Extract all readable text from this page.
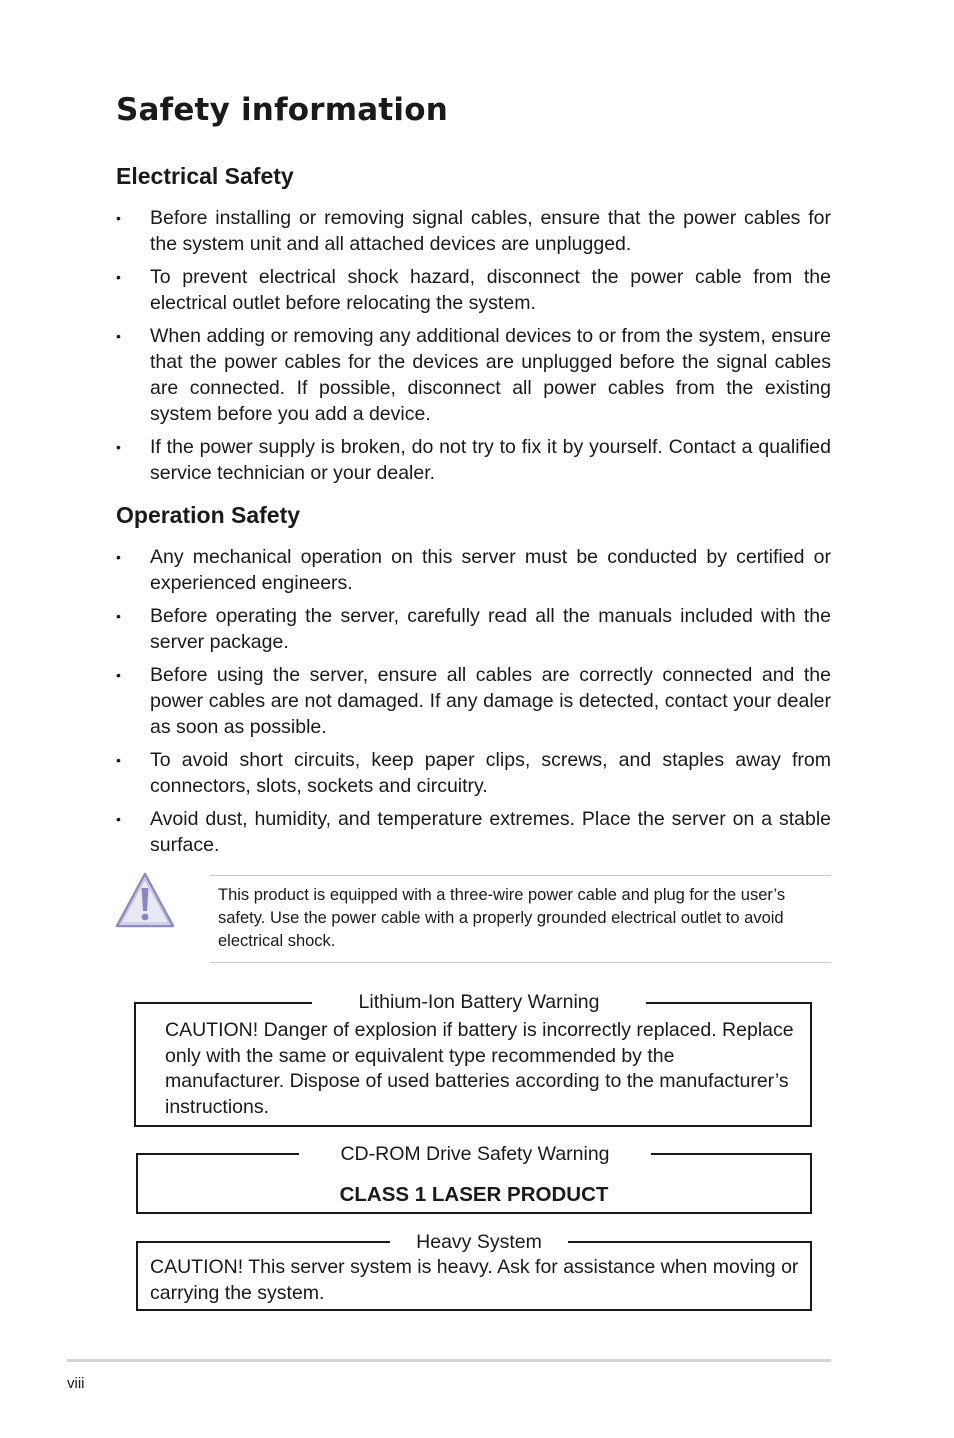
Safety information
Electrical Safety
• Before installing or removing signal cables, ensure that the power cables for the system unit and all attached devices are unplugged.
• To prevent electrical shock hazard, disconnect the power cable from the electrical outlet before relocating the system.
• When adding or removing any additional devices to or from the system, ensure that the power cables for the devices are unplugged before the signal cables are connected. If possible, disconnect all power cables from the existing system before you add a device.
• If the power supply is broken, do not try to fix it by yourself. Contact a qualified service technician or your dealer.
Operation Safety
• Any mechanical operation on this server must be conducted by certified or experienced engineers.
• Before operating the server, carefully read all the manuals included with the server package.
• Before using the server, ensure all cables are correctly connected and the power cables are not damaged. If any damage is detected, contact your dealer as soon as possible.
• To avoid short circuits, keep paper clips, screws, and staples away from connectors, slots, sockets and circuitry.
• Avoid dust, humidity, and temperature extremes. Place the server on a stable surface.
This product is equipped with a three-wire power cable and plug for the user’s safety. Use the power cable with a properly grounded electrical outlet to avoid electrical shock.
Lithium-Ion Battery Warning
CAUTION! Danger of explosion if battery is incorrectly replaced. Replace only with the same or equivalent type recommended by the manufacturer. Dispose of used batteries according to the manufacturer’s instructions.
CD-ROM Drive Safety Warning
CLASS 1 LASER PRODUCT
Heavy System
CAUTION! This server system is heavy. Ask for assistance when moving or carrying the system.
viii
